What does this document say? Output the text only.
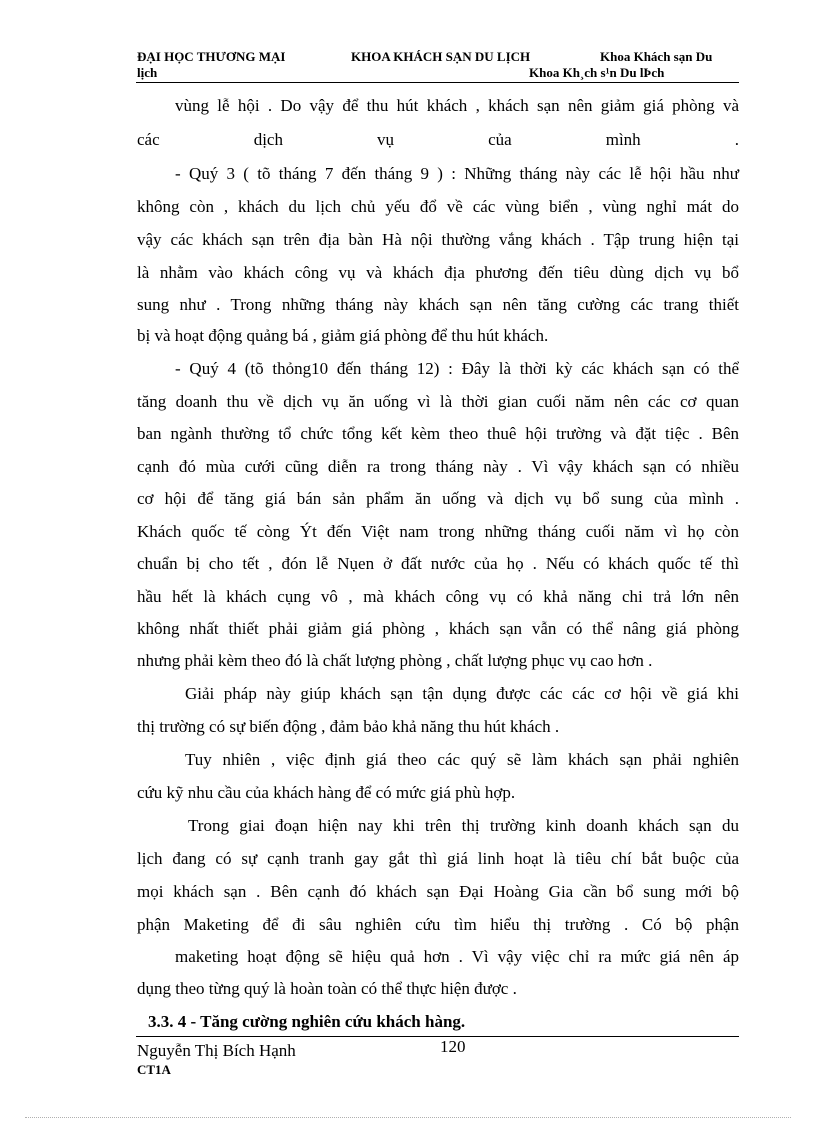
ĐẠI HỌC THƯƠNG MẠI	KHOA KHÁCH SẠN DU LỊCH	Khoa Khách sạn Du
lịch	Khoa Kh¸ch s¹n Du lÞch
vùng lễ hội . Do vậy để thu hút khách , khách sạn nên giảm giá phòng và
các dịch vụ của mình .
- Quý 3 ( tõ tháng 7 đến tháng 9 ) : Những tháng này các lễ hội hầu như
không còn , khách du lịch chủ yếu đổ về các vùng biển , vùng nghỉ mát do
vậy các khách sạn trên địa bàn Hà nội thường vắng khách . Tập trung hiện tại
là nhằm vào khách công vụ và khách địa phương đến tiêu dùng dịch vụ bổ
sung như . Trong những tháng này khách sạn nên tăng cường các trang thiết
bị và hoạt động quảng bá , giảm giá phòng để thu hút khách.
- Quý 4 (tõ thỏng10 đến tháng 12) : Đây là thời kỳ các khách sạn có thể
tăng doanh thu về dịch vụ ăn uống vì là thời gian cuối năm nên các cơ quan
ban ngành thường tổ chức tổng kết kèm theo thuê hội trường và đặt tiệc . Bên
cạnh đó mùa cưới cũng diễn ra trong tháng này . Vì vậy khách sạn có nhiều
cơ hội để tăng giá bán sản phẩm ăn uống và dịch vụ bổ sung của mình .
Khách quốc tế còng Ýt đến Việt nam trong những tháng cuối năm vì họ còn
chuẩn bị cho tết , đón lễ Nụen ở đất nước của họ . Nếu có khách quốc tế thì
hầu hết là khách cụng vô , mà khách công vụ có khả năng chi trả lớn nên
không nhất thiết phải giảm giá phòng , khách sạn vẫn có thể nâng giá phòng
nhưng phải kèm theo đó là chất lượng phòng , chất lượng phục vụ cao hơn .
Giải pháp này giúp khách sạn tận dụng được các các cơ hội về giá khi
thị trường có sự biến động , đảm bảo khả năng thu hút khách .
Tuy nhiên , việc định giá theo các quý sẽ làm khách sạn phải nghiên
cứu kỹ nhu cầu của khách hàng để có mức giá phù hợp.
Trong giai đoạn hiện nay khi trên thị trường kinh doanh khách sạn du
lịch đang có sự cạnh tranh gay gắt thì giá linh hoạt là tiêu chí bắt buộc của
mọi khách sạn . Bên cạnh đó khách sạn Đại Hoàng Gia cần bổ sung mới bộ
phận Maketing để đi sâu nghiên cứu tìm hiểu thị trường . Có bộ phận
maketing hoạt động sẽ hiệu quả hơn . Vì vậy việc chỉ ra mức giá nên áp
dụng theo từng quý là hoàn toàn có thể thực hiện được .
3.3. 4 - Tăng cường nghiên cứu khách hàng.
Nguyễn Thị Bích Hạnh	120
CT1A
